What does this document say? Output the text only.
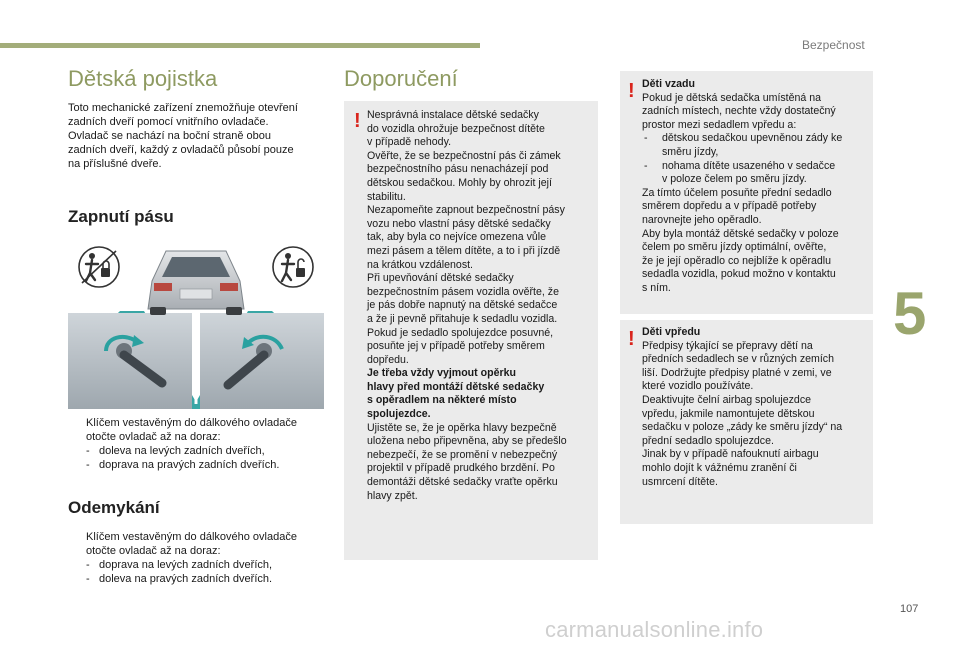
Bezpečnost
5
107
carmanualsonline.info
Dětská pojistka

Toto mechanické zařízení znemožňuje otevření

zadních dveří pomocí vnitřního ovladače.

Ovladač se nachází na boční straně obou

zadních dveří, každý z ovladačů působí pouze

na příslušné dveře.

Zapnutí pásu
Klíčem vestavěným do dálkového ovladače
otočte ovladač až na doraz:
- doleva na levých zadních dveřích,
- doprava na pravých zadních dveřích.
Odemykání
Klíčem vestavěným do dálkového ovladače
otočte ovladač až na doraz:
- doprava na levých zadních dveřích,
- doleva na pravých zadních dveřích.
Doporučení
! Nesprávná instalace dětské sedačky

do vozidla ohrožuje bezpečnost dítěte

v případě nehody.

Ověřte, že se bezpečnostní pás či zámek

bezpečnostního pásu nenacházejí pod

dětskou sedačkou. Mohly by ohrozit její

stabilitu.

Nezapomeňte zapnout bezpečnostní pásy

vozu nebo vlastní pásy dětské sedačky

tak, aby byla co nejvíce omezena vůle

mezi pásem a tělem dítěte, a to i při jízdě

na krátkou vzdálenost.

Při upevňování dětské sedačky

bezpečnostním pásem vozidla ověřte, že

je pás dobře napnutý na dětské sedačce

a že ji pevně přitahuje k sedadlu vozidla.

Pokud je sedadlo spolujezdce posuvné,

posuňte jej v případě potřeby směrem

dopředu.

Je třeba vždy vyjmout opěrku

hlavy před montáží dětské sedačky

s opěradlem na některé místo

spolujezdce.

Ujistěte se, že je opěrka hlavy bezpečně

uložena nebo připevněna, aby se předešlo

nebezpečí, že se promění v nebezpečný

projektil v případě prudkého brzdění. Po

demontáži dětské sedačky vraťte opěrku

hlavy zpět.

! Děti vzadu

Pokud je dětská sedačka umístěná na

zadních místech, nechte vždy dostatečný

prostor mezi sedadlem vpředu a:

-	dětskou sedačkou upevněnou zády ke
směru jízdy,
-	nohama dítěte usazeného v sedačce
v poloze čelem po směru jízdy.

Za tímto účelem posuňte přední sedadlo

směrem dopředu a v případě potřeby

narovnejte jeho opěradlo.

Aby byla montáž dětské sedačky v poloze

čelem po směru jízdy optimální, ověřte,

že je její opěradlo co nejblíže k opěradlu

sedadla vozidla, pokud možno v kontaktu

s ním.

! Děti vpředu

Předpisy týkající se přepravy dětí na

předních sedadlech se v různých zemích

liší. Dodržujte předpisy platné v zemi, ve

které vozidlo používáte.

Deaktivujte čelní airbag spolujezdce

vpředu, jakmile namontujete dětskou

sedačku v poloze „zády ke směru jízdy“ na

přední sedadlo spolujezdce.

Jinak by v případě nafouknutí airbagu

mohlo dojít k vážnému zranění či

usmrcení dítěte.
